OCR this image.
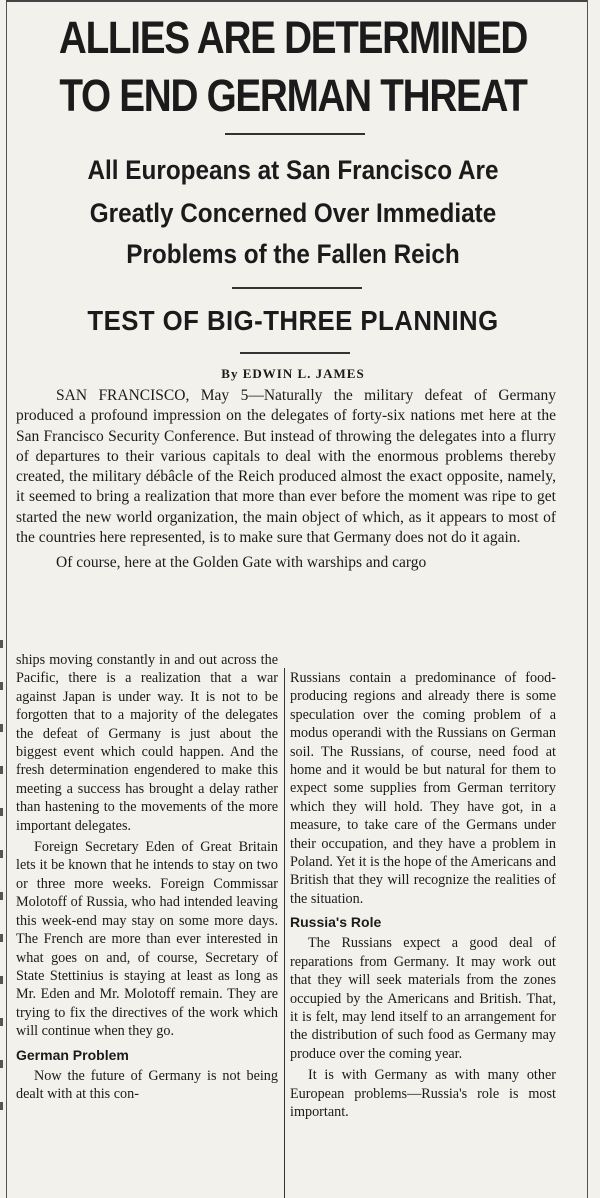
ALLIES ARE DETERMINED
TO END GERMAN THREAT
All Europeans at San Francisco Are
Greatly Concerned Over Immediate
Problems of the Fallen Reich
TEST OF BIG-THREE PLANNING
By EDWIN L. JAMES

SAN FRANCISCO, May 5—Naturally the military defeat of Germany produced a profound impression on the delegates of forty-six nations met here at the San Francisco Security Conference. But instead of throwing the delegates into a flurry of departures to their various capitals to deal with the enormous problems thereby created, the military débâcle of the Reich produced almost the exact opposite, namely, it seemed to bring a realization that more than ever before the moment was ripe to get started the new world organization, the main object of which, as it appears to most of the countries here represented, is to make sure that Germany does not do it again.

Of course, here at the Golden Gate with warships and cargo

ships moving constantly in and out across the Pacific, there is a realization that a war against Japan is under way. It is not to be forgotten that to a majority of the delegates the defeat of Germany is just about the biggest event which could happen. And the fresh determination engendered to make this meeting a success has brought a delay rather than hastening to the movements of the more important delegates.

Foreign Secretary Eden of Great Britain lets it be known that he intends to stay on two or three more weeks. Foreign Commissar Molotoff of Russia, who had intended leaving this week-end may stay on some more days. The French are more than ever interested in what goes on and, of course, Secretary of State Stettinius is staying at least as long as Mr. Eden and Mr. Molotoff remain. They are trying to fix the directives of the work which will continue when they go.

German Problem

Now the future of Germany is not being dealt with at this con-

Russians contain a predominance of food-producing regions and already there is some speculation over the coming problem of a modus operandi with the Russians on German soil. The Russians, of course, need food at home and it would be but natural for them to expect some supplies from German territory which they will hold. They have got, in a measure, to take care of the Germans under their occupation, and they have a problem in Poland. Yet it is the hope of the Americans and British that they will recognize the realities of the situation.

Russia's Role

The Russians expect a good deal of reparations from Germany. It may work out that they will seek materials from the zones occupied by the Americans and British. That, it is felt, may lend itself to an arrangement for the distribution of such food as Germany may produce over the coming year.

It is with Germany as with many other European problems—Russia's role is most important.
